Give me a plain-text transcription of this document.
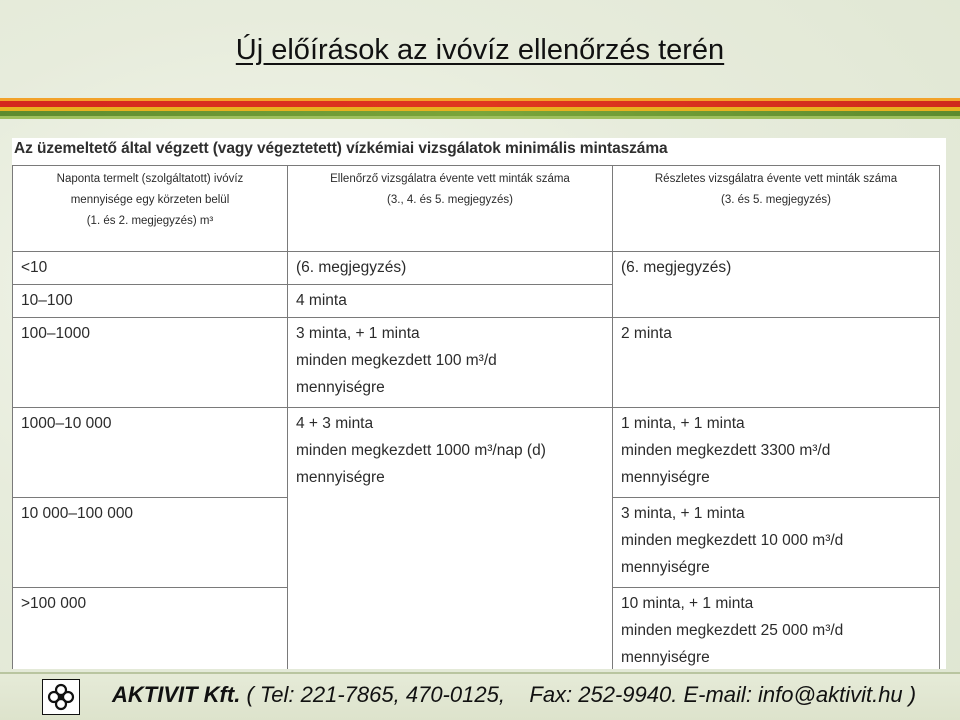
Új előírások az ivóvíz ellenőrzés terén
Az üzemeltető által végzett (vagy végeztetett) vízkémiai vizsgálatok minimális mintaszáma
Naponta termelt (szolgáltatott) ivóvíz
mennyisége egy körzeten belül
(1. és 2. megjegyzés) m³	Ellenőrző vizsgálatra évente vett minták száma
(3., 4. és 5. megjegyzés)	Részletes vizsgálatra évente vett minták száma
(3. és 5. megjegyzés)

<10	(6. megjegyzés)	(6. megjegyzés)

10–100	4 minta	

100–1000	3 minta, + 1 minta
minden megkezdett 100 m³/d
mennyiségre	2 minta

1000–10 000	4 + 3 minta
minden megkezdett 1000 m³/nap (d)
mennyiségre	1 minta, + 1 minta
minden megkezdett 3300 m³/d
mennyiségre

10 000–100 000		3 minta, + 1 minta
minden megkezdett 10 000 m³/d
mennyiségre

>100 000		10 minta, + 1 minta
minden megkezdett 25 000 m³/d
mennyiségre
AKTIVIT Kft. ( Tel: 221-7865, 470-0125,    Fax: 252-9940. E-mail: info@aktivit.hu )
